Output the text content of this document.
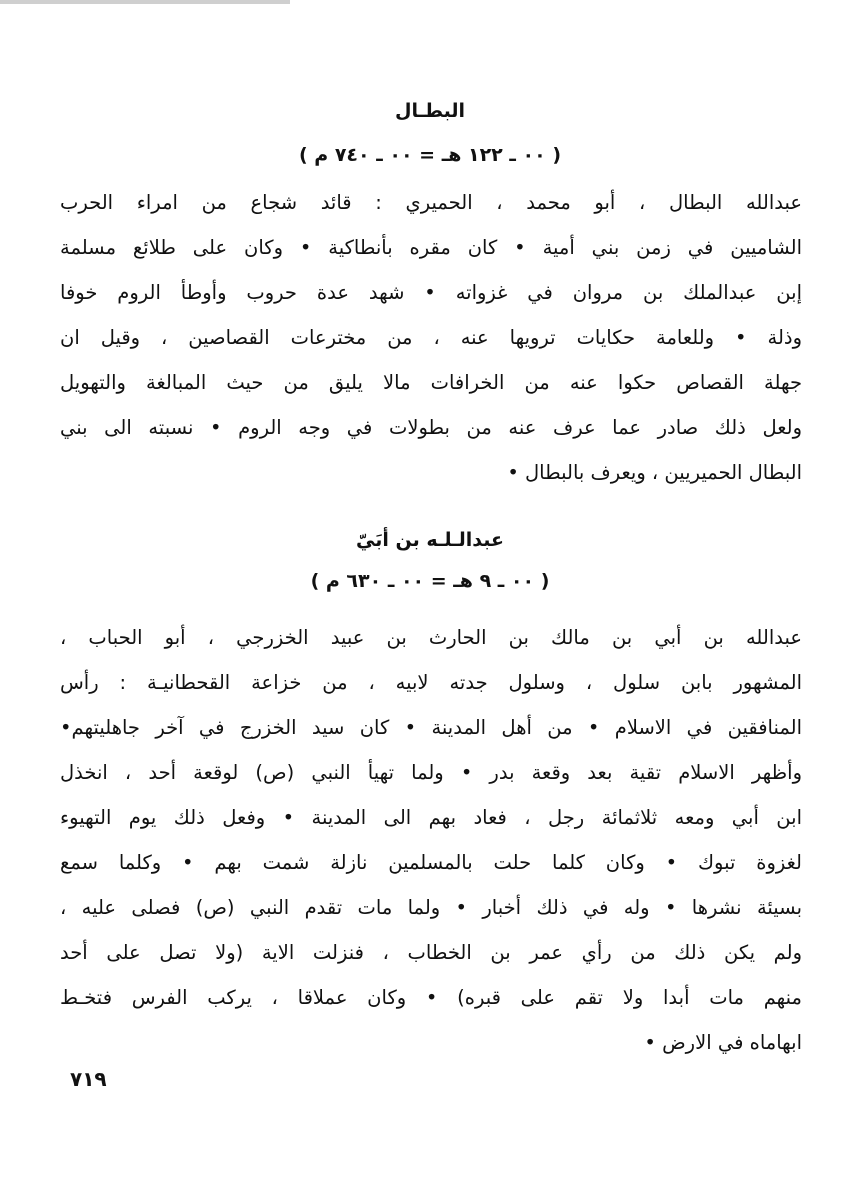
البطـال
( ٠٠ ـ ١٢٢ هـ = ٠٠ ـ ٧٤٠ م )
عبدالله البطال ، أبو محمد ، الحميري : قائد شجاع من امراء الحرب
الشاميين في زمن بني أمية • كان مقره بأنطاكية • وكان على طلائع مسلمة
إبن عبدالملك بن مروان في غزواته • شهد عدة حروب وأوطأ الروم خوفا
وذلة • وللعامة حكايات ترويها عنه ، من مخترعات القصاصين ، وقيل ان
جهلة القصاص حكوا عنه من الخرافات مالا يليق من حيث المبالغة والتهويل
ولعل ذلك صادر عما عرف عنه من بطولات في وجه الروم • نسبته الى بني
البطال الحميريين ، ويعرف بالبطال •
عبدالـلـه بن أبَيّ
( ٠٠ ـ ٩ هـ = ٠٠ ـ ٦٣٠ م )
عبدالله بن أبي بن مالك بن الحارث بن عبيد الخزرجي ، أبو الحباب ،
المشهور بابن سلول ، وسلول جدته لابيه ، من خزاعة القحطانيـة : رأس
المنافقين في الاسلام • من أهل المدينة • كان سيد الخزرج في آخر جاهليتهم•
وأظهر الاسلام تقية بعد وقعة بدر • ولما تهيأ النبي (ص) لوقعة أحد ، انخذل
ابن أبي ومعه ثلاثمائة رجل ، فعاد بهم الى المدينة • وفعل ذلك يوم التهيوء
لغزوة تبوك • وكان كلما حلت بالمسلمين نازلة شمت بهم • وكلما سمع
بسيئة نشرها • وله في ذلك أخبار • ولما مات تقدم النبي (ص) فصلى عليه ،
ولم يكن ذلك من رأي عمر بن الخطاب ، فنزلت الاية (ولا تصل على أحد
منهم مات أبدا ولا تقم على قبره) • وكان عملاقا ، يركب الفرس فتخـط
ابهاماه في الارض •
٧١٩
